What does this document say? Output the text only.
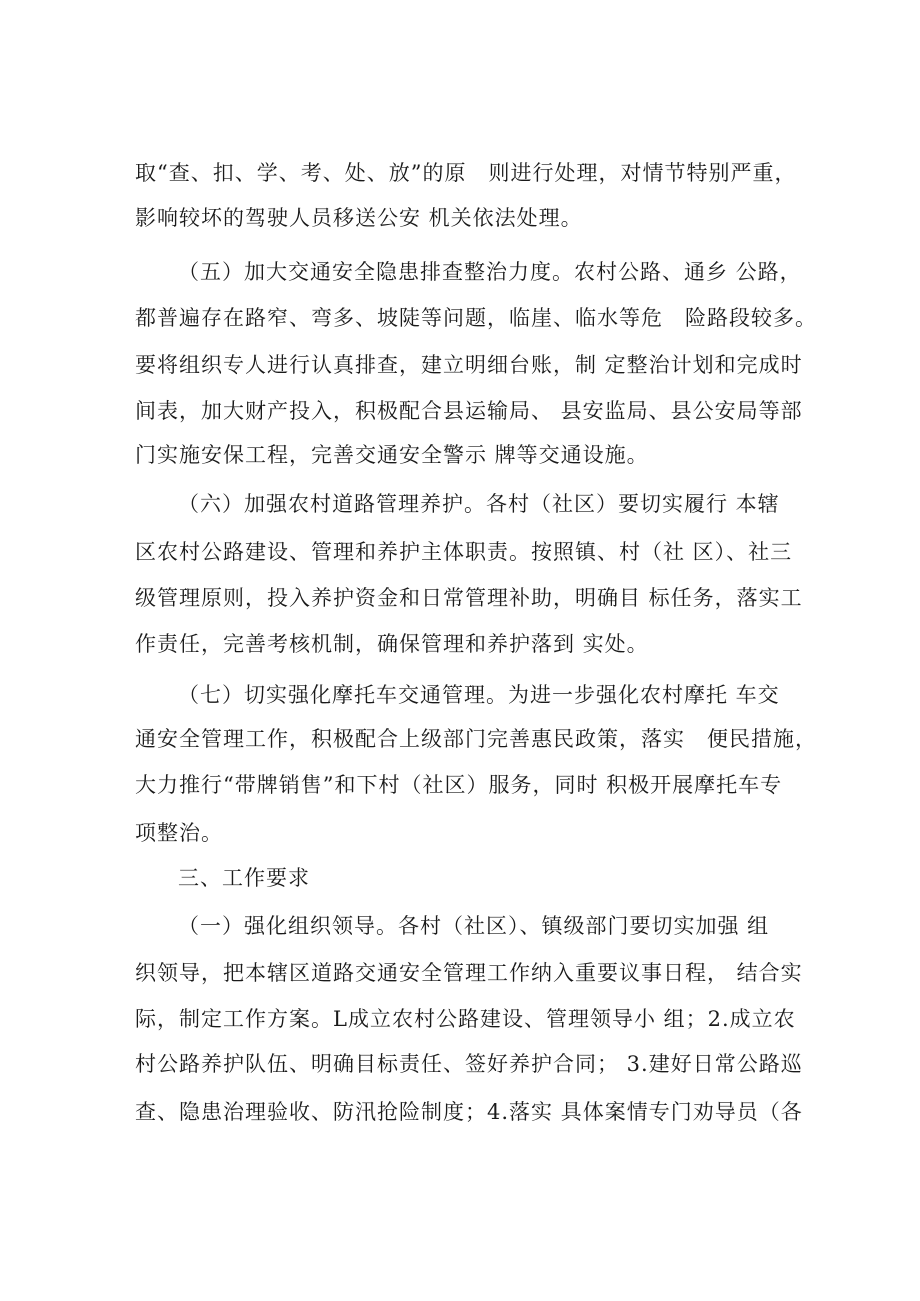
取“查、扣、学、考、处、放”的原　则进行处理，对情节特别严重，
影响较坏的驾驶人员移送公安 机关依法处理。
（五）加大交通安全隐患排查整治力度。农村公路、通乡 公路，
都普遍存在路窄、弯多、坡陡等问题，临崖、临水等危　险路段较多。
要将组织专人进行认真排查，建立明细台账，制 定整治计划和完成时
间表，加大财产投入，积极配合县运输局、 县安监局、县公安局等部
门实施安保工程，完善交通安全警示 牌等交通设施。
（六）加强农村道路管理养护。各村（社区）要切实履行 本辖
区农村公路建设、管理和养护主体职责。按照镇、村（社 区）、社三
级管理原则，投入养护资金和日常管理补助，明确目 标任务，落实工
作责任，完善考核机制，确保管理和养护落到 实处。
（七）切实强化摩托车交通管理。为进一步强化农村摩托 车交
通安全管理工作，积极配合上级部门完善惠民政策，落实　便民措施，
大力推行“带牌销售”和下村（社区）服务，同时 积极开展摩托车专
项整治。
三、工作要求
（一）强化组织领导。各村（社区）、镇级部门要切实加强 组
织领导，把本辖区道路交通安全管理工作纳入重要议事日程， 结合实
际，制定工作方案。L成立农村公路建设、管理领导小 组；2.成立农
村公路养护队伍、明确目标责任、签好养护合同； 3.建好日常公路巡
查、隐患治理验收、防汛抢险制度；4.落实 具体案情专门劝导员（各
